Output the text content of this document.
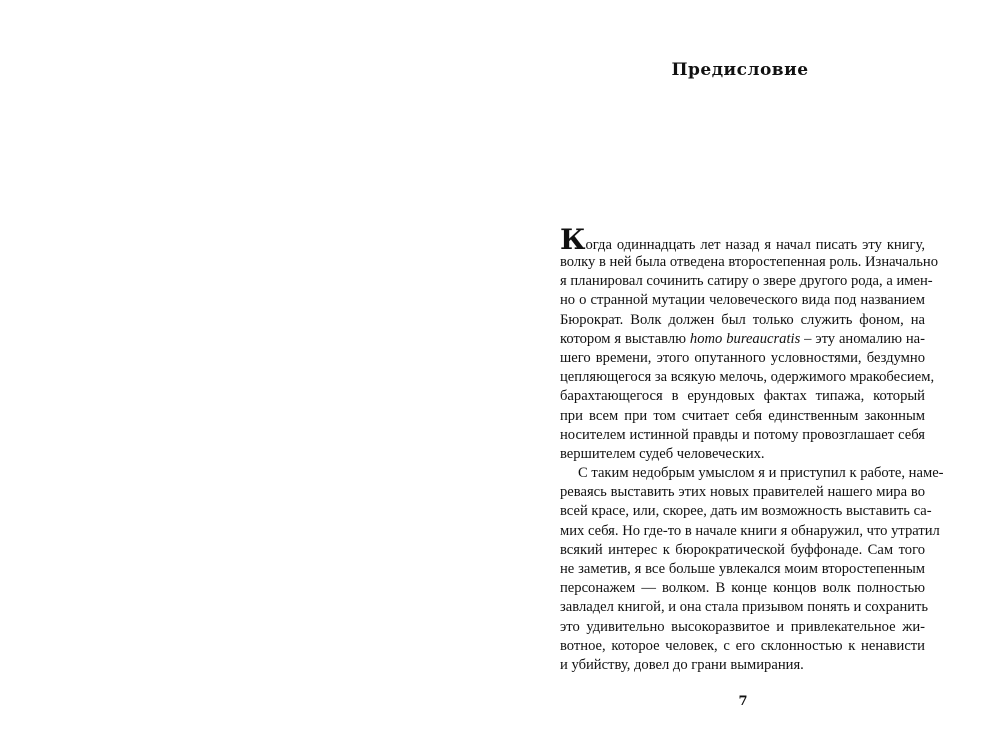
Предисловие
Когда одиннадцать лет назад я начал писать эту книгу,
волку в ней была отведена второстепенная роль. Изначально
я планировал сочинить сатиру о звере другого рода, а имен-
но о странной мутации человеческого вида под названием
Бюрократ. Волк должен был только служить фоном, на
котором я выставлю homo bureaucratis – эту аномалию на-
шего времени, этого опутанного условностями, бездумно
цепляющегося за всякую мелочь, одержимого мракобесием,
барахтающегося в ерундовых фактах типажа, который
при всем при том считает себя единственным законным
носителем истинной правды и потому провозглашает себя
вершителем судеб человеческих.
С таким недобрым умыслом я и приступил к работе, наме-
реваясь выставить этих новых правителей нашего мира во
всей красе, или, скорее, дать им возможность выставить са-
мих себя. Но где-то в начале книги я обнаружил, что утратил
всякий интерес к бюрократической буффонаде. Сам того
не заметив, я все больше увлекался моим второстепенным
персонажем — волком. В конце концов волк полностью
завладел книгой, и она стала призывом понять и сохранить
это удивительно высокоразвитое и привлекательное жи-
вотное, которое человек, с его склонностью к ненависти
и убийству, довел до грани вымирания.
7
